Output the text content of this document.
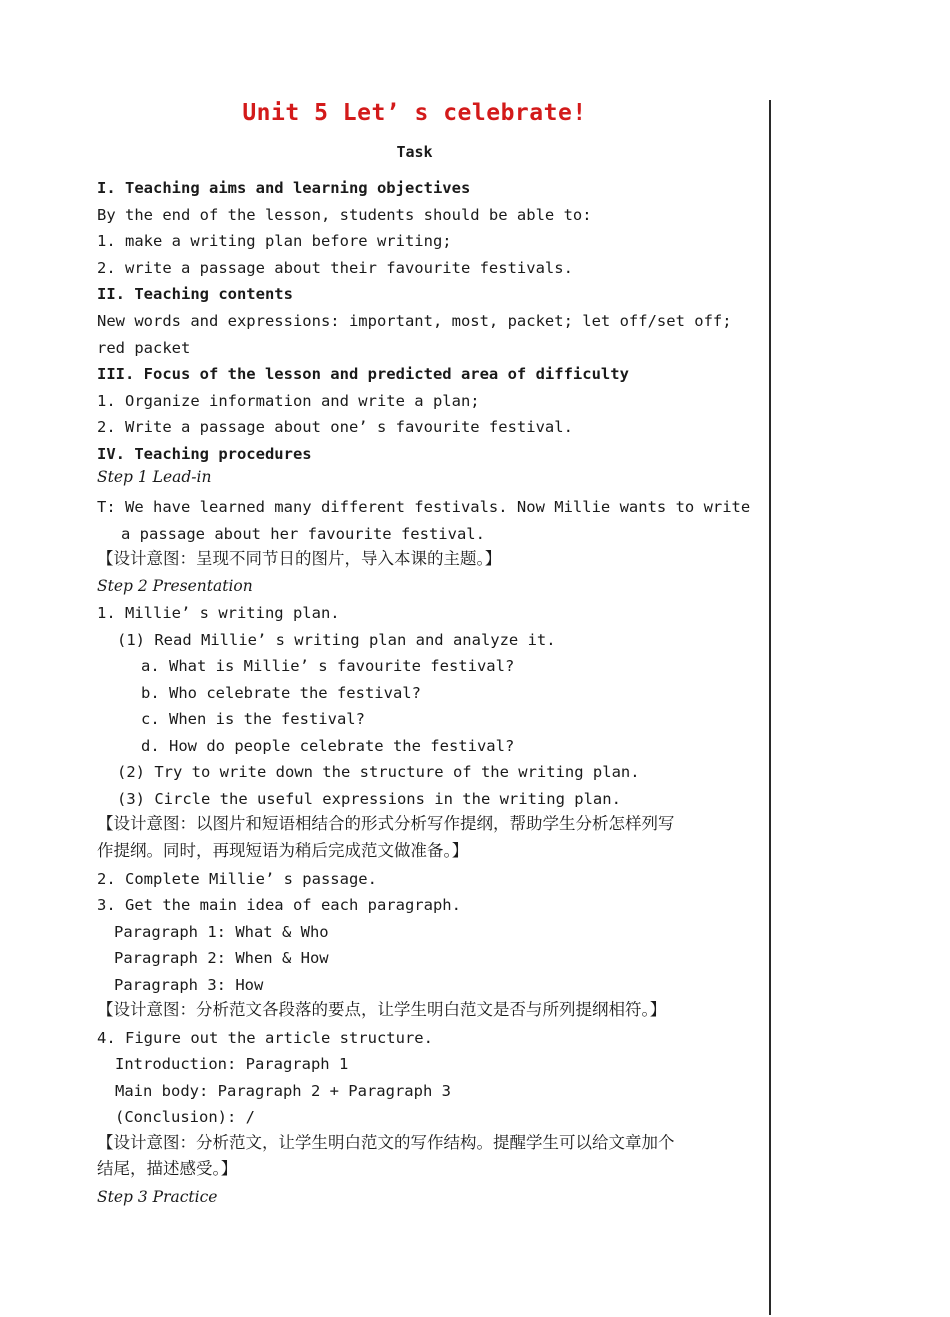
Unit 5 Let’ s celebrate!
Task
I. Teaching aims and learning objectives
By the end of the lesson, students should be able to:
1. make a writing plan before writing;
2. write a passage about their favourite festivals.
II. Teaching contents
New words and expressions: important, most, packet; let off/set off;
red packet
III. Focus of the lesson and predicted area of difficulty
1. Organize information and write a plan;
2. Write a passage about one’ s favourite festival.
IV. Teaching procedures
Step 1 Lead-in
T: We have learned many different festivals. Now Millie wants to write
a passage about her favourite festival.
【设计意图：呈现不同节日的图片，导入本课的主题。】
Step 2 Presentation
1. Millie’ s writing plan.
(1) Read Millie’ s writing plan and analyze it.
a. What is Millie’ s favourite festival?
b. Who celebrate the festival?
c. When is the festival?
d. How do people celebrate the festival?
(2) Try to write down the structure of the writing plan.
(3) Circle the useful expressions in the writing plan.
【设计意图：以图片和短语相结合的形式分析写作提纲，帮助学生分析怎样列写
作提纲。同时，再现短语为稍后完成范文做准备。】
2. Complete Millie’ s passage.
3. Get the main idea of each paragraph.
Paragraph 1: What & Who
Paragraph 2: When & How
Paragraph 3: How
【设计意图：分析范文各段落的要点，让学生明白范文是否与所列提纲相符。】
4. Figure out the article structure.
Introduction: Paragraph 1
Main body: Paragraph 2 + Paragraph 3
(Conclusion): /
【设计意图：分析范文，让学生明白范文的写作结构。提醒学生可以给文章加个
结尾，描述感受。】
Step 3 Practice
